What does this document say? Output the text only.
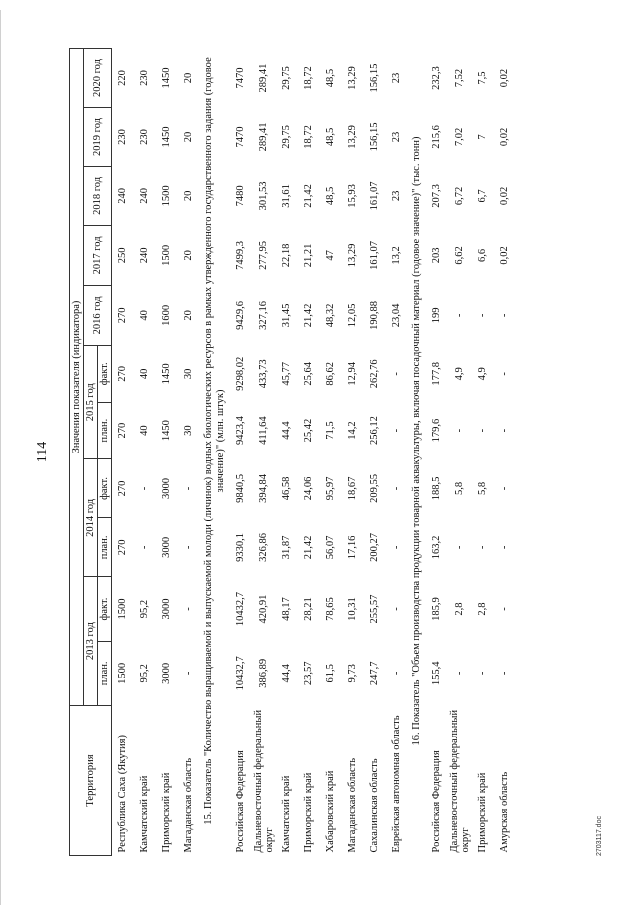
114
Территория	Значения показателя (индикатора)										
	2013 год		2014 год		2015 год		2016 год	2017 год	2018 год	2019 год	2020 год
	план.	факт.	план.	факт.	план.	факт.					
Республика Саха (Якутия)	1500	1500	270	270	270	270	270	250	240	230	220
Камчатский край	95,2	95,2	-	-	40	40	40	240	240	230	230
Приморский край	3000	3000	3000	3000	1450	1450	1600	1500	1500	1450	1450
Магаданская область	-	-	-	-	30	30	20	20	20	20	20
15. Показатель "Количество выращиваемой и выпускаемой молоди (личинок) водных биологических ресурсов в рамках утвержденного государственного задания (годовое значение)" (млн. штук)											
Российская Федерация	10432,7	10432,7	9330,1	9840,5	9423,4	9298,02	9429,6	7499,3	7480	7470	7470
Дальневосточный федеральный округ	386,89	420,91	326,86	394,84	411,64	433,73	327,16	277,95	301,53	289,41	289,41
Камчатский край	44,4	48,17	31,87	46,58	44,4	45,77	31,45	22,18	31,61	29,75	29,75
Приморский край	23,57	28,21	21,42	24,06	25,42	25,64	21,42	21,21	21,42	18,72	18,72
Хабаровский край	61,5	78,65	56,07	95,97	71,5	86,62	48,32	47	48,5	48,5	48,5
Магаданская область	9,73	10,31	17,16	18,67	14,2	12,94	12,05	13,29	15,93	13,29	13,29
Сахалинская область	247,7	255,57	200,27	209,55	256,12	262,76	190,88	161,07	161,07	156,15	156,15
Еврейская автономная область	-	-	-	-	-	-	23,04	13,2	23	23	23
16. Показатель "Объем производства продукции товарной аквакультуры, включая посадочный материал (годовое значение)" (тыс. тонн)											
Российская Федерация	155,4	185,9	163,2	188,5	179,6	177,8	199	203	207,3	215,6	232,3
Дальневосточный федеральный округ	-	2,8	-	5,8	-	4,9	-	6,62	6,72	7,02	7,52
Приморский край	-	2,8	-	5,8	-	4,9	-	6,6	6,7	7	7,5
Амурская область	-	-	-	-	-	-	-	0,02	0,02	0,02	0,02
2703117.doc
